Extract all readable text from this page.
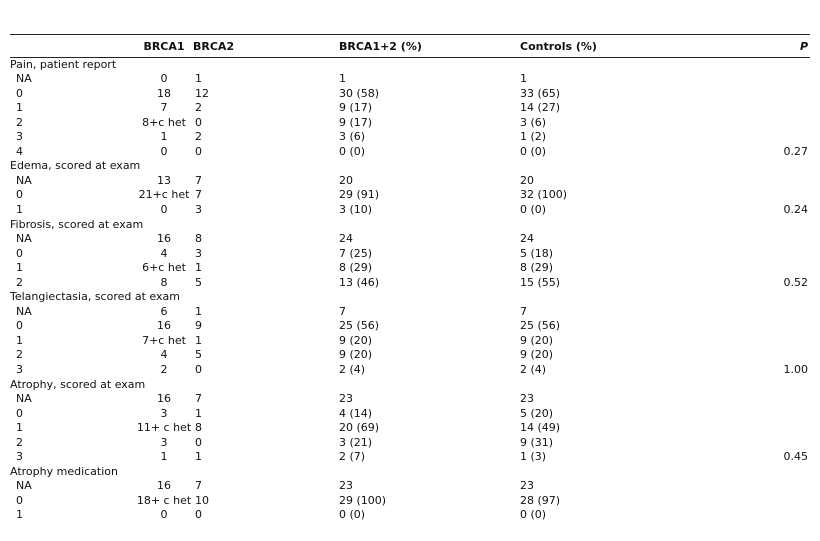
	BRCA1	BRCA2	BRCA1+2 (%)	Controls (%)	P
Pain, patient report					
NA	0	1	1	1	
0	18	12	30 (58)	33 (65)	
1	7	2	9 (17)	14 (27)	
2	8+c het	0	9 (17)	3 (6)	
3	1	2	3 (6)	1 (2)	
4	0	0	0 (0)	0 (0)	0.27
Edema, scored at exam					
NA	13	7	20	20	
0	21+c het	7	29 (91)	32 (100)	
1	0	3	3 (10)	0 (0)	0.24
Fibrosis, scored at exam					
NA	16	8	24	24	
0	4	3	7 (25)	5 (18)	
1	6+c het	1	8 (29)	8 (29)	
2	8	5	13 (46)	15 (55)	0.52
Telangiectasia, scored at exam					
NA	6	1	7	7	
0	16	9	25 (56)	25 (56)	
1	7+c het	1	9 (20)	9 (20)	
2	4	5	9 (20)	9 (20)	
3	2	0	2 (4)	2 (4)	1.00
Atrophy, scored at exam					
NA	16	7	23	23	
0	3	1	4 (14)	5 (20)	
1	11+ c het	8	20 (69)	14 (49)	
2	3	0	3 (21)	9 (31)	
3	1	1	2 (7)	1 (3)	0.45
Atrophy medication					
NA	16	7	23	23	
0	18+ c het	10	29 (100)	28 (97)	
1	0	0	0 (0)	0 (0)	
